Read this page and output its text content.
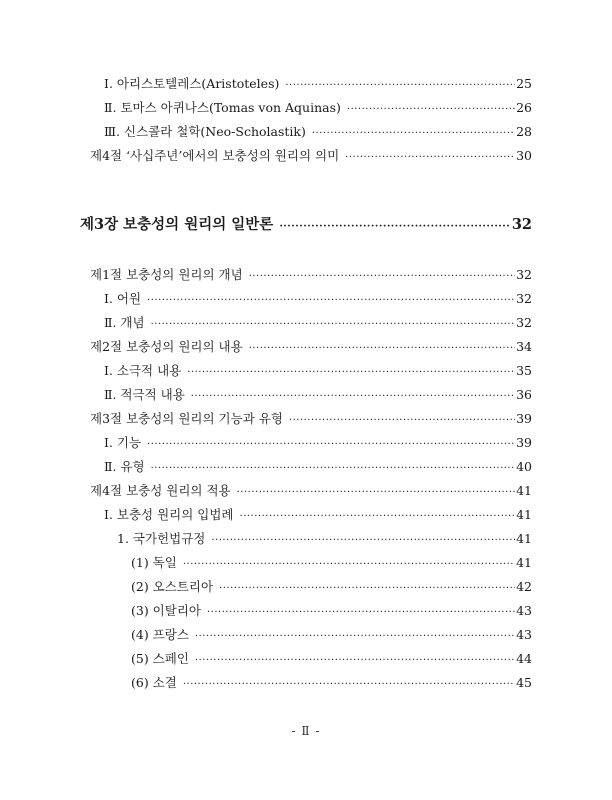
Ⅰ. 아리스토텔레스(Aristoteles) ·····	25
Ⅱ. 토마스 아퀴나스(Tomas von Aquinas) ·····	26
Ⅲ. 신스콜라 철학(Neo-Scholastik) ·····	28
제4절 ‘사십주년’에서의 보충성의 원리의 의미 ·····	30
제3장 보충성의 원리의 일반론 ·····	32
제1절 보충성의 원리의 개념 ·····	32
Ⅰ. 어원 ·····	32
Ⅱ. 개념 ·····	32
제2절 보충성의 원리의 내용 ·····	34
Ⅰ. 소극적 내용 ·····	35
Ⅱ. 적극적 내용 ·····	36
제3절 보충성의 원리의 기능과 유형 ·····	39
Ⅰ. 기능 ·····	39
Ⅱ. 유형 ·····	40
제4절 보충성 원리의 적용 ·····	41
Ⅰ. 보충성 원리의 입법례 ·····	41
1. 국가헌법규정 ·····	41
(1) 독일 ·····	41
(2) 오스트리아 ·····	42
(3) 이탈리아 ·····	43
(4) 프랑스 ·····	43
(5) 스페인 ·····	44
(6) 소결 ·····	45
- Ⅱ -
